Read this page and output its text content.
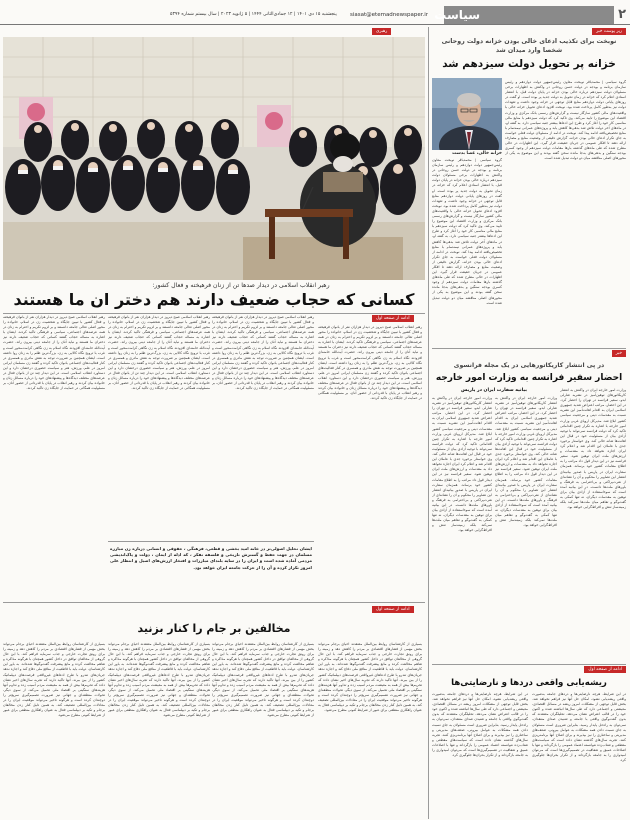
۲
سیاست
siasat@etemadnewspaper.ir
پنجشنبه ۱۵ دی ۱۴۰۱ | ۱۲ جمادی‌الثانی ۱۴۴۴ | ۵ ژانویه ۲۰۲۳ | سال بیستم شماره ۵۳۹۴
رهبری
رهبر انقلاب اسلامی در دیدار صدها تن از زنان فرهیخته و فعال کشور:
کسانی که حجاب ضعیف دارند هم دختر ان ما هستند
ادامه از صفحه اول
رهبر انقلاب اسلامی صبح دیروز در دیدار هزاران نفر از بانوان فرهیخته و فعال کشور با تبیین جایگاه و شخصیت زن در اسلام، خانواده را محور اصلی تعالی جامعه دانستند و بر لزوم تکریم و احترام به زنان در همه عرصه‌های اجتماعی، سیاسی و فرهنگی تاکید کردند. ایشان با اشاره به مساله حجاب گفتند کسانی که حجاب ضعیف دارند نیز دختران ما هستند و نباید آنان را از جامعه دینی بیرون راند. حضرت آیت‌الله خامنه‌ای افزودند نگاه اسلام به زن نگاهی کرامت‌محور است و غرب با ترویج نگاه کالایی به زن، بزرگ‌ترین ظلم را به زنان روا داشته است. ایشان همچنین بر ضرورت توجه به نقش مادری و همسری در کنار فعالیت‌های اجتماعی بانوان تاکید کرده و گفتند زن مسلمان ایرانی امروز در علم، ورزش، هنر و سیاست حضوری درخشان دارد و این دستاورد انقلاب اسلامی است. در این دیدار چند تن از بانوان فعال در عرصه‌های مختلف دیدگاه‌ها و پیشنهادهای خود را درباره مسائل زنان و خانواده بیان کردند و رهبر انقلاب در پایان با قدردانی از حضور آنان، بر مسئولیت همگانی در حمایت از جایگاه زن تاکید کردند.
رهبر انقلاب اسلامی صبح دیروز در دیدار هزاران نفر از بانوان فرهیخته و فعال کشور با تبیین جایگاه و شخصیت زن در اسلام، خانواده را محور اصلی تعالی جامعه دانستند و بر لزوم تکریم و احترام به زنان در همه عرصه‌های اجتماعی، سیاسی و فرهنگی تاکید کردند. ایشان با اشاره به مساله حجاب گفتند کسانی که حجاب ضعیف دارند نیز دختران ما هستند و نباید آنان را از جامعه دینی بیرون راند. حضرت آیت‌الله خامنه‌ای افزودند نگاه اسلام به زن نگاهی کرامت‌محور است و غرب با ترویج نگاه کالایی به زن، بزرگ‌ترین ظلم را به زنان روا داشته است. ایشان همچنین بر ضرورت توجه به نقش مادری و همسری در کنار فعالیت‌های اجتماعی بانوان تاکید کرده و گفتند زن مسلمان ایرانی امروز در علم، ورزش، هنر و سیاست حضوری درخشان دارد و این دستاورد انقلاب اسلامی است. در این دیدار چند تن از بانوان فعال در عرصه‌های مختلف دیدگاه‌ها و پیشنهادهای خود را درباره مسائل زنان و خانواده بیان کردند و رهبر انقلاب در پایان با قدردانی از حضور آنان، بر مسئولیت همگانی در حمایت از جایگاه زن تاکید کردند.
رهبر انقلاب اسلامی صبح دیروز در دیدار هزاران نفر از بانوان فرهیخته و فعال کشور با تبیین جایگاه و شخصیت زن در اسلام، خانواده را محور اصلی تعالی جامعه دانستند و بر لزوم تکریم و احترام به زنان در همه عرصه‌های اجتماعی، سیاسی و فرهنگی تاکید کردند. ایشان با اشاره به مساله حجاب گفتند کسانی که حجاب ضعیف دارند نیز دختران ما هستند و نباید آنان را از جامعه دینی بیرون راند. حضرت آیت‌الله خامنه‌ای افزودند نگاه اسلام به زن نگاهی کرامت‌محور است و غرب با ترویج نگاه کالایی به زن، بزرگ‌ترین ظلم را به زنان روا داشته است. ایشان همچنین بر ضرورت توجه به نقش مادری و همسری در کنار فعالیت‌های اجتماعی بانوان تاکید کرده و گفتند زن مسلمان ایرانی امروز در علم، ورزش، هنر و سیاست حضوری درخشان دارد و این دستاورد انقلاب اسلامی است. در این دیدار چند تن از بانوان فعال در عرصه‌های مختلف دیدگاه‌ها و پیشنهادهای خود را درباره مسائل زنان و خانواده بیان کردند و رهبر انقلاب در پایان با قدردانی از حضور آنان، بر مسئولیت همگانی در حمایت از جایگاه زن تاکید کردند.
رهبر انقلاب اسلامی صبح دیروز در دیدار هزاران نفر از بانوان فرهیخته و فعال کشور با تبیین جایگاه و شخصیت زن در اسلام، خانواده را محور اصلی تعالی جامعه دانستند و بر لزوم تکریم و احترام به زنان در همه عرصه‌های اجتماعی، سیاسی و فرهنگی تاکید کردند. ایشان با اشاره به مساله حجاب گفتند کسانی که حجاب ضعیف دارند نیز دختران ما هستند و نباید آنان را از جامعه دینی بیرون راند. حضرت آیت‌الله خامنه‌ای افزودند نگاه اسلام به زن نگاهی کرامت‌محور است و غرب با ترویج نگاه کالایی به زن، بزرگ‌ترین ظلم را به زنان روا داشته است. ایشان همچنین بر ضرورت توجه به نقش مادری و همسری در کنار فعالیت‌های اجتماعی بانوان تاکید کرده و گفتند زن مسلمان ایرانی امروز در علم، ورزش، هنر و سیاست حضوری درخشان دارد و این دستاورد انقلاب اسلامی است. در این دیدار چند تن از بانوان فعال در عرصه‌های مختلف دیدگاه‌ها و پیشنهادهای خود را درباره مسائل زنان و خانواده بیان کردند و رهبر انقلاب در پایان با قدردانی از حضور آنان، بر مسئولیت همگانی در حمایت از جایگاه زن تاکید کردند.
ایشان تحلیل اصولی‌تر در خانه امید بخشی و قطعی، فرهنگی ، حقوقی و انسانی درباره زن مبارزه مسلمان در جهت حفظ و گسترش تاریخی و فلسفه تفکر ، که ادله از ایمان ، دولت و پاک‌اندیشی مردمی آماده شده است و ایران را در سایه بلندای مبارزات و افتخار ارزش‌های اصیل و انتظار علی امروز تکرار کرده و آن را از حرکت جامعه ایران خواهد بود.
ادامه از صفحه اول
مخالفین بر جام را کنار بزنید
بسیاری از کارشناسان روابط بین‌الملل معتقدند احیای برجام می‌تواند بخش مهمی از فشارهای اقتصادی بر مردم را کاهش دهد و زمینه را برای رونق تجارت خارجی و جذب سرمایه فراهم کند. با این حال گروهی از مخالفان توافق در داخل کشور همچنان با هرگونه مذاکره و تفاهم مخالفت کرده و مانع پیشرفت گفت‌وگوها شده‌اند. به باور این کارشناسان، دولت باید با قاطعیت از منافع ملی دفاع کند و اجازه ندهد جریان‌های تندرو با طرح ادعاهای غیرواقعی فرصت‌های دیپلماتیک کشور را از بین ببرند. آنها تاکید دارند که تجربه سال‌های اخیر نشان داده که تحریم‌ها بیش از همه به معیشت مردم آسیب زده و تداوم آنها هزینه‌های سنگینی بر اقتصاد ملی تحمیل می‌کند. از سوی دیگر، تحولات منطقه‌ای و جهانی نیز ضرورت تصمیم‌گیری سریع‌تر را دوچندان کرده است و هرگونه تاخیر می‌تواند موقعیت ایران را در معادلات بین‌المللی تضعیف کند. به همین دلیل کنار زدن مخالفان برجام و تکیه بر دیپلماسی فعال به عنوان راهکاری منطقی برای عبور از شرایط کنونی مطرح می‌شود.
بسیاری از کارشناسان روابط بین‌الملل معتقدند احیای برجام می‌تواند بخش مهمی از فشارهای اقتصادی بر مردم را کاهش دهد و زمینه را برای رونق تجارت خارجی و جذب سرمایه فراهم کند. با این حال گروهی از مخالفان توافق در داخل کشور همچنان با هرگونه مذاکره و تفاهم مخالفت کرده و مانع پیشرفت گفت‌وگوها شده‌اند. به باور این کارشناسان، دولت باید با قاطعیت از منافع ملی دفاع کند و اجازه ندهد جریان‌های تندرو با طرح ادعاهای غیرواقعی فرصت‌های دیپلماتیک کشور را از بین ببرند. آنها تاکید دارند که تجربه سال‌های اخیر نشان داده که تحریم‌ها بیش از همه به معیشت مردم آسیب زده و تداوم آنها هزینه‌های سنگینی بر اقتصاد ملی تحمیل می‌کند. از سوی دیگر، تحولات منطقه‌ای و جهانی نیز ضرورت تصمیم‌گیری سریع‌تر را دوچندان کرده است و هرگونه تاخیر می‌تواند موقعیت ایران را در معادلات بین‌المللی تضعیف کند. به همین دلیل کنار زدن مخالفان برجام و تکیه بر دیپلماسی فعال به عنوان راهکاری منطقی برای عبور از شرایط کنونی مطرح می‌شود.
بسیاری از کارشناسان روابط بین‌الملل معتقدند احیای برجام می‌تواند بخش مهمی از فشارهای اقتصادی بر مردم را کاهش دهد و زمینه را برای رونق تجارت خارجی و جذب سرمایه فراهم کند. با این حال گروهی از مخالفان توافق در داخل کشور همچنان با هرگونه مذاکره و تفاهم مخالفت کرده و مانع پیشرفت گفت‌وگوها شده‌اند. به باور این کارشناسان، دولت باید با قاطعیت از منافع ملی دفاع کند و اجازه ندهد جریان‌های تندرو با طرح ادعاهای غیرواقعی فرصت‌های دیپلماتیک کشور را از بین ببرند. آنها تاکید دارند که تجربه سال‌های اخیر نشان داده که تحریم‌ها بیش از همه به معیشت مردم آسیب زده و تداوم آنها هزینه‌های سنگینی بر اقتصاد ملی تحمیل می‌کند. از سوی دیگر، تحولات منطقه‌ای و جهانی نیز ضرورت تصمیم‌گیری سریع‌تر را دوچندان کرده است و هرگونه تاخیر می‌تواند موقعیت ایران را در معادلات بین‌المللی تضعیف کند. به همین دلیل کنار زدن مخالفان برجام و تکیه بر دیپلماسی فعال به عنوان راهکاری منطقی برای عبور از شرایط کنونی مطرح می‌شود.
بسیاری از کارشناسان روابط بین‌الملل معتقدند احیای برجام می‌تواند بخش مهمی از فشارهای اقتصادی بر مردم را کاهش دهد و زمینه را برای رونق تجارت خارجی و جذب سرمایه فراهم کند. با این حال گروهی از مخالفان توافق در داخل کشور همچنان با هرگونه مذاکره و تفاهم مخالفت کرده و مانع پیشرفت گفت‌وگوها شده‌اند. به باور این کارشناسان، دولت باید با قاطعیت از منافع ملی دفاع کند و اجازه ندهد جریان‌های تندرو با طرح ادعاهای غیرواقعی فرصت‌های دیپلماتیک کشور را از بین ببرند. آنها تاکید دارند که تجربه سال‌های اخیر نشان داده که تحریم‌ها بیش از همه به معیشت مردم آسیب زده و تداوم آنها هزینه‌های سنگینی بر اقتصاد ملی تحمیل می‌کند. از سوی دیگر، تحولات منطقه‌ای و جهانی نیز ضرورت تصمیم‌گیری سریع‌تر را دوچندان کرده است و هرگونه تاخیر می‌تواند موقعیت ایران را در معادلات بین‌المللی تضعیف کند. به همین دلیل کنار زدن مخالفان برجام و تکیه بر دیپلماسی فعال به عنوان راهکاری منطقی برای عبور از شرایط کنونی مطرح می‌شود.
زیر پوست خبر
نوبخت برای تکذیب ادعای خالی بودن خزانه دولت روحانی شخصا وارد میدان شد
خزانه پر تحویل دولت سیزدهم شد
خزانه خالی، عصا بدست
گروه سیاسی | محمدباقر نوبخت معاون رئیس‌جمهور دولت دوازدهم و رئیس سازمان برنامه و بودجه در دولت حسن روحانی در واکنش به اظهارات برخی مسئولان دولت سیزدهم درباره خالی بودن خزانه در پایان دولت قبل، با انتشار اسنادی اعلام کرد که خزانه در زمان تحویل به دولت جدید پر بوده است. او گفت در روزهای پایانی دولت دوازدهم منابع قابل توجهی در خزانه وجود داشت و تعهدات دولت نیز به‌طور کامل پرداخت شده بود. نوبخت افزود ادعای تحویل خزانه خالی با واقعیت‌های مالی کشور سازگار نیست و گزارش‌های رسمی بانک مرکزی و وزارت اقتصاد این موضوع را تایید می‌کند. وی تاکید کرد که دولت سیزدهم با منابع مالی مناسبی کار خود را آغاز کرد و طرح این ادعاها بیشتر جنبه سیاسی دارد. به گفته او، در ماه‌های آخر دولت تلاش شد بدهی‌ها کاهش یابد و پروژه‌های عمرانی نیمه‌تمام با منابع تخصیص‌یافته ادامه پیدا کند. نوبخت در ادامه از مسئولان دولت فعلی خواست به جای تکرار ادعای خالی بودن خزانه، گزارش دقیقی از وضعیت منابع و مصارف ارائه دهند تا افکار عمومی در جریان حقیقت قرار گیرد. این اظهارات در حالی مطرح شده که طی ماه‌های گذشته بارها مقامات دولت سیزدهم از وجود کسری بودجه سنگین و بدهی‌های به‌جا مانده سخن گفته بودند و این موضوع به یکی از محورهای اصلی مناقشه میان دو دولت تبدیل شده است.
گروه سیاسی | محمدباقر نوبخت معاون رئیس‌جمهور دولت دوازدهم و رئیس سازمان برنامه و بودجه در دولت حسن روحانی در واکنش به اظهارات برخی مسئولان دولت سیزدهم درباره خالی بودن خزانه در پایان دولت قبل، با انتشار اسنادی اعلام کرد که خزانه در زمان تحویل به دولت جدید پر بوده است. او گفت در روزهای پایانی دولت دوازدهم منابع قابل توجهی در خزانه وجود داشت و تعهدات دولت نیز به‌طور کامل پرداخت شده بود. نوبخت افزود ادعای تحویل خزانه خالی با واقعیت‌های مالی کشور سازگار نیست و گزارش‌های رسمی بانک مرکزی و وزارت اقتصاد این موضوع را تایید می‌کند. وی تاکید کرد که دولت سیزدهم با منابع مالی مناسبی کار خود را آغاز کرد و طرح این ادعاها بیشتر جنبه سیاسی دارد. به گفته او، در ماه‌های آخر دولت تلاش شد بدهی‌ها کاهش یابد و پروژه‌های عمرانی نیمه‌تمام با منابع تخصیص‌یافته ادامه پیدا کند. نوبخت در ادامه از مسئولان دولت فعلی خواست به جای تکرار ادعای خالی بودن خزانه، گزارش دقیقی از وضعیت منابع و مصارف ارائه دهند تا افکار عمومی در جریان حقیقت قرار گیرد. این اظهارات در حالی مطرح شده که طی ماه‌های گذشته بارها مقامات دولت سیزدهم از وجود کسری بودجه سنگین و بدهی‌های به‌جا مانده سخن گفته بودند و این موضوع به یکی از محورهای اصلی مناقشه میان دو دولت تبدیل شده است.
خبر
در پی انتشار کاریکاتورهایی در یک مجله فرانسوی
احضار سفیر فرانسه به وزارت امور خارجه
بیانیه سفارت ایران در پاریس	وزارت امور خارجه ایران در واکنش به انتشار کاریکاتورهای توهین‌آمیز در نشریه شارلی ابدو، سفیر فرانسه در تهران را احضار کرد. در این احضار، مراتب اعتراض شدید جمهوری اسلامی ایران به اقدام اهانت‌آمیز این نشریه نسبت به مقدسات دینی و مرجعیت سیاسی کشور ابلاغ شد. مدیرکل اروپای غربی وزارت امور خارجه با اشاره به تکرار چنین اقداماتی تاکید کرد که دولت فرانسه نمی‌تواند با توجیه آزادی بیان از مسئولیت خود در قبال این اهانت‌ها شانه خالی کند. وی خواستار برخورد جدی با عاملان این اقدام شد و اعلام کرد ایران اجازه نخواهد داد به مقدسات و ارزش‌های ملت ایران توهین شود. سفیر فرانسه نیز در این دیدار قول داد مراتب را به اطلاع مقامات کشور خود برساند. همزمان سفارت ایران در پاریس با صدور بیانیه‌ای انتشار این تصاویر را محکوم و آن را نشانه‌ای از نفرت‌پراکنی و بی‌احترامی به فرهنگ و باورهای ملت‌ها دانست. در این بیانیه آمده است که سوءاستفاده از آزادی بیان برای توهین به مقدسات دیگران، نه تنها کمکی به گفت‌وگو و تفاهم میان ملت‌ها نمی‌کند بلکه زمینه‌ساز تنش و افراط‌گرایی خواهد بود.
وزارت امور خارجه ایران در واکنش به انتشار کاریکاتورهای توهین‌آمیز در نشریه شارلی ابدو، سفیر فرانسه در تهران را احضار کرد. در این احضار، مراتب اعتراض شدید جمهوری اسلامی ایران به اقدام اهانت‌آمیز این نشریه نسبت به مقدسات دینی و مرجعیت سیاسی کشور ابلاغ شد. مدیرکل اروپای غربی وزارت امور خارجه با اشاره به تکرار چنین اقداماتی تاکید کرد که دولت فرانسه نمی‌تواند با توجیه آزادی بیان از مسئولیت خود در قبال این اهانت‌ها شانه خالی کند. وی خواستار برخورد جدی با عاملان این اقدام شد و اعلام کرد ایران اجازه نخواهد داد به مقدسات و ارزش‌های ملت ایران توهین شود. سفیر فرانسه نیز در این دیدار قول داد مراتب را به اطلاع مقامات کشور خود برساند. همزمان سفارت ایران در پاریس با صدور بیانیه‌ای انتشار این تصاویر را محکوم و آن را نشانه‌ای از نفرت‌پراکنی و بی‌احترامی به فرهنگ و باورهای ملت‌ها دانست. در این بیانیه آمده است که سوءاستفاده از آزادی بیان برای توهین به مقدسات دیگران، نه تنها کمکی به گفت‌وگو و تفاهم میان ملت‌ها نمی‌کند بلکه زمینه‌ساز تنش و افراط‌گرایی خواهد بود.
وزارت امور خارجه ایران در واکنش به انتشار کاریکاتورهای توهین‌آمیز در نشریه شارلی ابدو، سفیر فرانسه در تهران را احضار کرد. در این احضار، مراتب اعتراض شدید جمهوری اسلامی ایران به اقدام اهانت‌آمیز این نشریه نسبت به مقدسات دینی و مرجعیت سیاسی کشور ابلاغ شد. مدیرکل اروپای غربی وزارت امور خارجه با اشاره به تکرار چنین اقداماتی تاکید کرد که دولت فرانسه نمی‌تواند با توجیه آزادی بیان از مسئولیت خود در قبال این اهانت‌ها شانه خالی کند. وی خواستار برخورد جدی با عاملان این اقدام شد و اعلام کرد ایران اجازه نخواهد داد به مقدسات و ارزش‌های ملت ایران توهین شود. سفیر فرانسه نیز در این دیدار قول داد مراتب را به اطلاع مقامات کشور خود برساند. همزمان سفارت ایران در پاریس با صدور بیانیه‌ای انتشار این تصاویر را محکوم و آن را نشانه‌ای از نفرت‌پراکنی و بی‌احترامی به فرهنگ و باورهای ملت‌ها دانست. در این بیانیه آمده است که سوءاستفاده از آزادی بیان برای توهین به مقدسات دیگران، نه تنها کمکی به گفت‌وگو و تفاهم میان ملت‌ها نمی‌کند بلکه زمینه‌ساز تنش و افراط‌گرایی خواهد بود.
ادامه از صفحه اول
ریشه‌یابی واقعی دردها و نارضایتی‌ها
در این شرایط، هرچه نارضایتی‌ها و دردهای جامعه به‌صورت واقعی ریشه‌یابی نشود، امکان حل آنها نیز فراهم نخواهد شد. بخش قابل توجهی از مشکلات امروز ریشه در مسائل اقتصادی، معیشتی و اجتماعی دارد که طی سال‌ها انباشته شده و اکنون خود را در قالب اعتراض نشان می‌دهد. تحلیلگران معتقدند که بدون گفت‌وگوی واقعی با جامعه و شنیدن صدای منتقدان، نمی‌توان به راه‌حل پایدار رسید. بنابراین ضروری است مسئولان به جای نسبت دادن همه مشکلات به عوامل بیرونی، ضعف‌های مدیریتی و ساختاری را نیز بپذیرند و برای اصلاح آنها برنامه‌ریزی کنند. تجربه سال‌های گذشته نشان داده است که سیاست‌های مقطعی و شتاب‌زده نتوانسته اعتماد عمومی را بازگرداند و تنها با اصلاحات عمیق و شفافیت در تصمیم‌گیری‌ها است که می‌توان امیدواری را به جامعه بازگرداند و از تکرار بحران‌ها جلوگیری کرد.
در این شرایط، هرچه نارضایتی‌ها و دردهای جامعه به‌صورت واقعی ریشه‌یابی نشود، امکان حل آنها نیز فراهم نخواهد شد. بخش قابل توجهی از مشکلات امروز ریشه در مسائل اقتصادی، معیشتی و اجتماعی دارد که طی سال‌ها انباشته شده و اکنون خود را در قالب اعتراض نشان می‌دهد. تحلیلگران معتقدند که بدون گفت‌وگوی واقعی با جامعه و شنیدن صدای منتقدان، نمی‌توان به راه‌حل پایدار رسید. بنابراین ضروری است مسئولان به جای نسبت دادن همه مشکلات به عوامل بیرونی، ضعف‌های مدیریتی و ساختاری را نیز بپذیرند و برای اصلاح آنها برنامه‌ریزی کنند. تجربه سال‌های گذشته نشان داده است که سیاست‌های مقطعی و شتاب‌زده نتوانسته اعتماد عمومی را بازگرداند و تنها با اصلاحات عمیق و شفافیت در تصمیم‌گیری‌ها است که می‌توان امیدواری را به جامعه بازگرداند و از تکرار بحران‌ها جلوگیری کرد.
